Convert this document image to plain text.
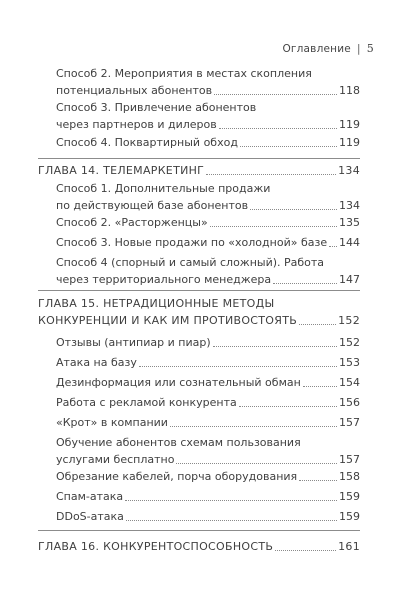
Оглавление | 5
Способ 2. Мероприятия в местах скопления
потенциальных абонентов	118
Способ 3. Привлечение абонентов
через партнеров и дилеров	119
Способ 4. Поквартирный обход	119
ГЛАВА 14. ТЕЛЕМАРКЕТИНГ	134
Способ 1. Дополнительные продажи
по действующей базе абонентов	134
Способ 2. «Расторженцы»	135
Способ 3. Новые продажи по «холодной» базе 144
Способ 4 (спорный и самый сложный). Работа
через территориального менеджера	147
ГЛАВА 15. НЕТРАДИЦИОННЫЕ МЕТОДЫ
КОНКУРЕНЦИИ И КАК ИМ ПРОТИВОСТОЯТЬ	152
Отзывы (антипиар и пиар)	152
Атака на базу	153
Дезинформация или сознательный обман	154
Работа с рекламой конкурента	156
«Крот» в компании	157
Обучение абонентов схемам пользования
услугами бесплатно	157
Обрезание кабелей, порча оборудования	158
Спам-атака	159
DDoS-атака	159
ГЛАВА 16. КОНКУРЕНТОСПОСОБНОСТЬ	161
